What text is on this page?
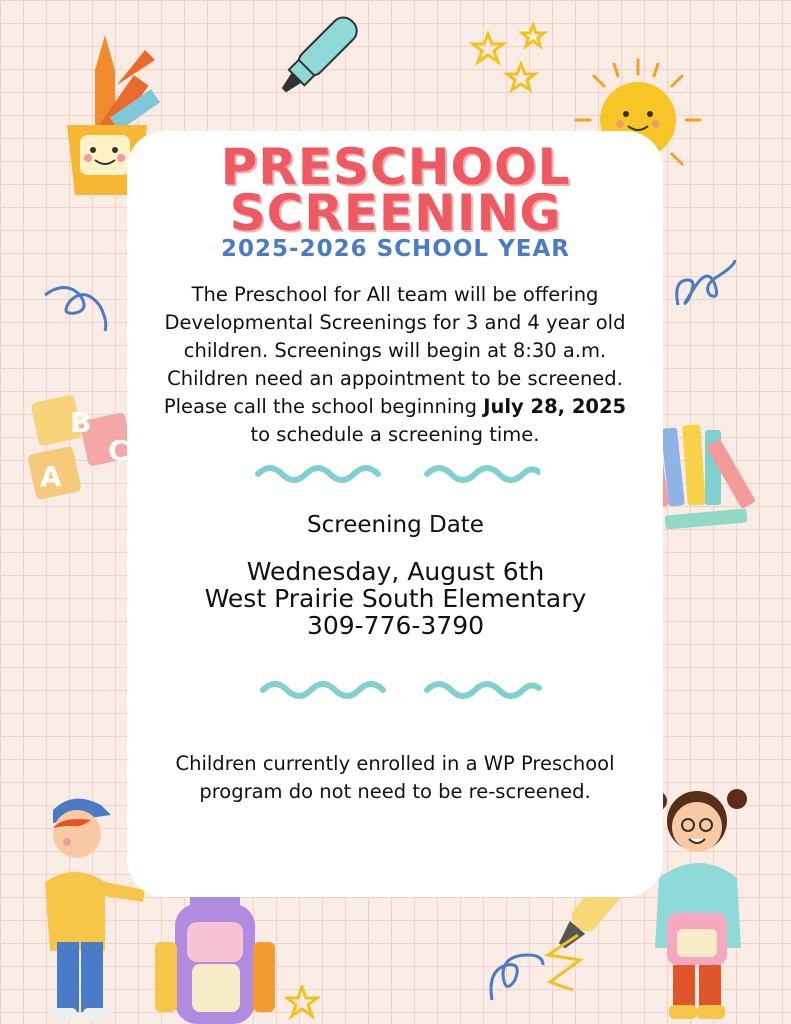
B
C
A
PRESCHOOL
SCREENING
2025-2026 SCHOOL YEAR
The Preschool for All team will be offering Developmental Screenings for 3 and 4 year old children. Screenings will begin at 8:30 a.m. Children need an appointment to be screened. Please call the school beginning July 28, 2025 to schedule a screening time.
Screening Date
Wednesday, August 6th
West Prairie South Elementary
309-776-3790
Children currently enrolled in a WP Preschool program do not need to be re-screened.
